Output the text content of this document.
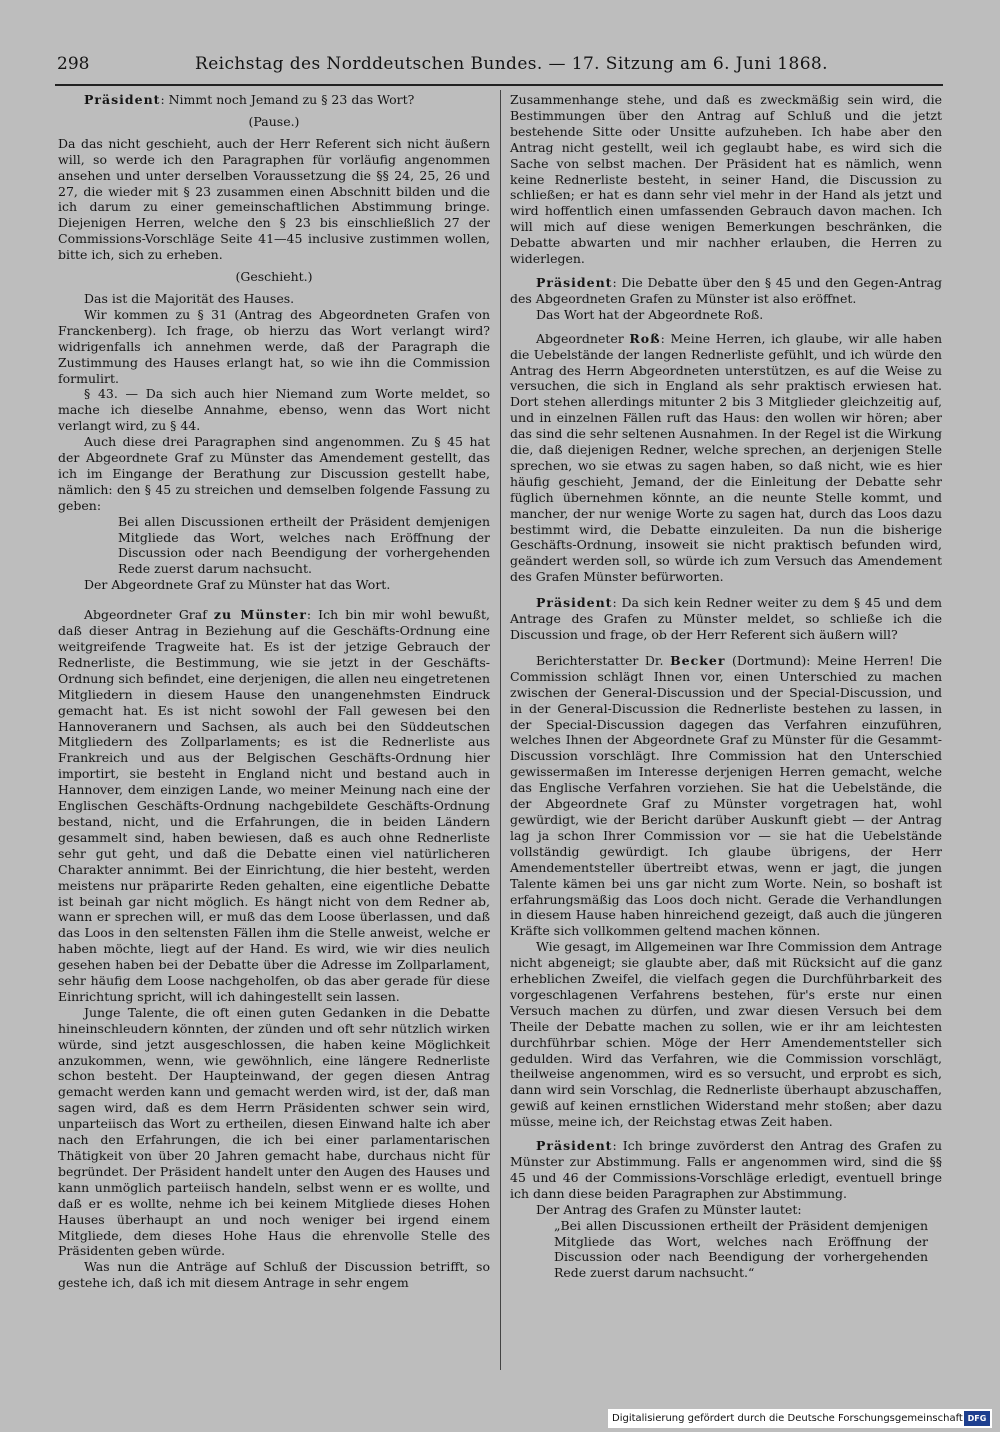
298	Reichstag des Norddeutschen Bundes. — 17. Sitzung am 6. Juni 1868.

Präsident: Nimmt noch Jemand zu § 23 das Wort?

(Pause.)

Da das nicht geschieht, auch der Herr Referent sich nicht äußern will, so werde ich den Paragraphen für vorläufig angenommen ansehen und unter derselben Voraussetzung die §§ 24, 25, 26 und 27, die wieder mit § 23 zusammen einen Abschnitt bilden und die ich darum zu einer gemeinschaftlichen Abstimmung bringe. Diejenigen Herren, welche den § 23 bis einschließlich 27 der Commissions-Vorschläge Seite 41—45 inclusive zustimmen wollen, bitte ich, sich zu erheben.

(Geschieht.)

Das ist die Majorität des Hauses.

Wir kommen zu § 31 (Antrag des Abgeordneten Grafen von Franckenberg). Ich frage, ob hierzu das Wort verlangt wird? widrigenfalls ich annehmen werde, daß der Paragraph die Zustimmung des Hauses erlangt hat, so wie ihn die Commission formulirt.

§ 43. — Da sich auch hier Niemand zum Worte meldet, so mache ich dieselbe Annahme, ebenso, wenn das Wort nicht verlangt wird, zu § 44.

Auch diese drei Paragraphen sind angenommen. Zu § 45 hat der Abgeordnete Graf zu Münster das Amendement gestellt, das ich im Eingange der Berathung zur Discussion gestellt habe, nämlich: den § 45 zu streichen und demselben folgende Fassung zu geben:

Bei allen Discussionen ertheilt der Präsident demjenigen Mitgliede das Wort, welches nach Eröffnung der Discussion oder nach Beendigung der vorhergehenden Rede zuerst darum nachsucht.

Der Abgeordnete Graf zu Münster hat das Wort.

Abgeordneter Graf zu Münster: Ich bin mir wohl bewußt, daß dieser Antrag in Beziehung auf die Geschäfts-Ordnung eine weitgreifende Tragweite hat. Es ist der jetzige Gebrauch der Rednerliste, die Bestimmung, wie sie jetzt in der Geschäfts-Ordnung sich befindet, eine derjenigen, die allen neu eingetretenen Mitgliedern in diesem Hause den unangenehmsten Eindruck gemacht hat. Es ist nicht sowohl der Fall gewesen bei den Hannoveranern und Sachsen, als auch bei den Süddeutschen Mitgliedern des Zollparlaments; es ist die Rednerliste aus Frankreich und aus der Belgischen Geschäfts-Ordnung hier importirt, sie besteht in England nicht und bestand auch in Hannover, dem einzigen Lande, wo meiner Meinung nach eine der Englischen Geschäfts-Ordnung nachgebildete Geschäfts-Ordnung bestand, nicht, und die Erfahrungen, die in beiden Ländern gesammelt sind, haben bewiesen, daß es auch ohne Rednerliste sehr gut geht, und daß die Debatte einen viel natürlicheren Charakter annimmt. Bei der Einrichtung, die hier besteht, werden meistens nur präparirte Reden gehalten, eine eigentliche Debatte ist beinah gar nicht möglich. Es hängt nicht von dem Redner ab, wann er sprechen will, er muß das dem Loose überlassen, und daß das Loos in den seltensten Fällen ihm die Stelle anweist, welche er haben möchte, liegt auf der Hand. Es wird, wie wir dies neulich gesehen haben bei der Debatte über die Adresse im Zollparlament, sehr häufig dem Loose nachgeholfen, ob das aber gerade für diese Einrichtung spricht, will ich dahingestellt sein lassen.

Junge Talente, die oft einen guten Gedanken in die Debatte hineinschleudern könnten, der zünden und oft sehr nützlich wirken würde, sind jetzt ausgeschlossen, die haben keine Möglichkeit anzukommen, wenn, wie gewöhnlich, eine längere Rednerliste schon besteht. Der Haupteinwand, der gegen diesen Antrag gemacht werden kann und gemacht werden wird, ist der, daß man sagen wird, daß es dem Herrn Präsidenten schwer sein wird, unparteiisch das Wort zu ertheilen, diesen Einwand halte ich aber nach den Erfahrungen, die ich bei einer parlamentarischen Thätigkeit von über 20 Jahren gemacht habe, durchaus nicht für begründet. Der Präsident handelt unter den Augen des Hauses und kann unmöglich parteiisch handeln, selbst wenn er es wollte, und daß er es wollte, nehme ich bei keinem Mitgliede dieses Hohen Hauses überhaupt an und noch weniger bei irgend einem Mitgliede, dem dieses Hohe Haus die ehrenvolle Stelle des Präsidenten geben würde.

Was nun die Anträge auf Schluß der Discussion betrifft, so gestehe ich, daß ich mit diesem Antrage in sehr engem

Zusammenhange stehe, und daß es zweckmäßig sein wird, die Bestimmungen über den Antrag auf Schluß und die jetzt bestehende Sitte oder Unsitte aufzuheben. Ich habe aber den Antrag nicht gestellt, weil ich geglaubt habe, es wird sich die Sache von selbst machen. Der Präsident hat es nämlich, wenn keine Rednerliste besteht, in seiner Hand, die Discussion zu schließen; er hat es dann sehr viel mehr in der Hand als jetzt und wird hoffentlich einen umfassenden Gebrauch davon machen. Ich will mich auf diese wenigen Bemerkungen beschränken, die Debatte abwarten und mir nachher erlauben, die Herren zu widerlegen.

Präsident: Die Debatte über den § 45 und den Gegen-Antrag des Abgeordneten Grafen zu Münster ist also eröffnet.

Das Wort hat der Abgeordnete Roß.

Abgeordneter Roß: Meine Herren, ich glaube, wir alle haben die Uebelstände der langen Rednerliste gefühlt, und ich würde den Antrag des Herrn Abgeordneten unterstützen, es auf die Weise zu versuchen, die sich in England als sehr praktisch erwiesen hat. Dort stehen allerdings mitunter 2 bis 3 Mitglieder gleichzeitig auf, und in einzelnen Fällen ruft das Haus: den wollen wir hören; aber das sind die sehr seltenen Ausnahmen. In der Regel ist die Wirkung die, daß diejenigen Redner, welche sprechen, an derjenigen Stelle sprechen, wo sie etwas zu sagen haben, so daß nicht, wie es hier häufig geschieht, Jemand, der die Einleitung der Debatte sehr füglich übernehmen könnte, an die neunte Stelle kommt, und mancher, der nur wenige Worte zu sagen hat, durch das Loos dazu bestimmt wird, die Debatte einzuleiten. Da nun die bisherige Geschäfts-Ordnung, insoweit sie nicht praktisch befunden wird, geändert werden soll, so würde ich zum Versuch das Amendement des Grafen Münster befürworten.

Präsident: Da sich kein Redner weiter zu dem § 45 und dem Antrage des Grafen zu Münster meldet, so schließe ich die Discussion und frage, ob der Herr Referent sich äußern will?

Berichterstatter Dr. Becker (Dortmund): Meine Herren! Die Commission schlägt Ihnen vor, einen Unterschied zu machen zwischen der General-Discussion und der Special-Discussion, und in der General-Discussion die Rednerliste bestehen zu lassen, in der Special-Discussion dagegen das Verfahren einzuführen, welches Ihnen der Abgeordnete Graf zu Münster für die Gesammt-Discussion vorschlägt. Ihre Commission hat den Unterschied gewissermaßen im Interesse derjenigen Herren gemacht, welche das Englische Verfahren vorziehen. Sie hat die Uebelstände, die der Abgeordnete Graf zu Münster vorgetragen hat, wohl gewürdigt, wie der Bericht darüber Auskunft giebt — der Antrag lag ja schon Ihrer Commission vor — sie hat die Uebelstände vollständig gewürdigt. Ich glaube übrigens, der Herr Amendementsteller übertreibt etwas, wenn er jagt, die jungen Talente kämen bei uns gar nicht zum Worte. Nein, so boshaft ist erfahrungsmäßig das Loos doch nicht. Gerade die Verhandlungen in diesem Hause haben hinreichend gezeigt, daß auch die jüngeren Kräfte sich vollkommen geltend machen können.

Wie gesagt, im Allgemeinen war Ihre Commission dem Antrage nicht abgeneigt; sie glaubte aber, daß mit Rücksicht auf die ganz erheblichen Zweifel, die vielfach gegen die Durchführbarkeit des vorgeschlagenen Verfahrens bestehen, für's erste nur einen Versuch machen zu dürfen, und zwar diesen Versuch bei dem Theile der Debatte machen zu sollen, wie er ihr am leichtesten durchführbar schien. Möge der Herr Amendementsteller sich gedulden. Wird das Verfahren, wie die Commission vorschlägt, theilweise angenommen, wird es so versucht, und erprobt es sich, dann wird sein Vorschlag, die Rednerliste überhaupt abzuschaffen, gewiß auf keinen ernstlichen Widerstand mehr stoßen; aber dazu müsse, meine ich, der Reichstag etwas Zeit haben.

Präsident: Ich bringe zuvörderst den Antrag des Grafen zu Münster zur Abstimmung. Falls er angenommen wird, sind die §§ 45 und 46 der Commissions-Vorschläge erledigt, eventuell bringe ich dann diese beiden Paragraphen zur Abstimmung.

Der Antrag des Grafen zu Münster lautet:

„Bei allen Discussionen ertheilt der Präsident demjenigen Mitgliede das Wort, welches nach Eröffnung der Discussion oder nach Beendigung der vorhergehenden Rede zuerst darum nachsucht.“

Digitalisierung gefördert durch die Deutsche Forschungsgemeinschaft DFG
